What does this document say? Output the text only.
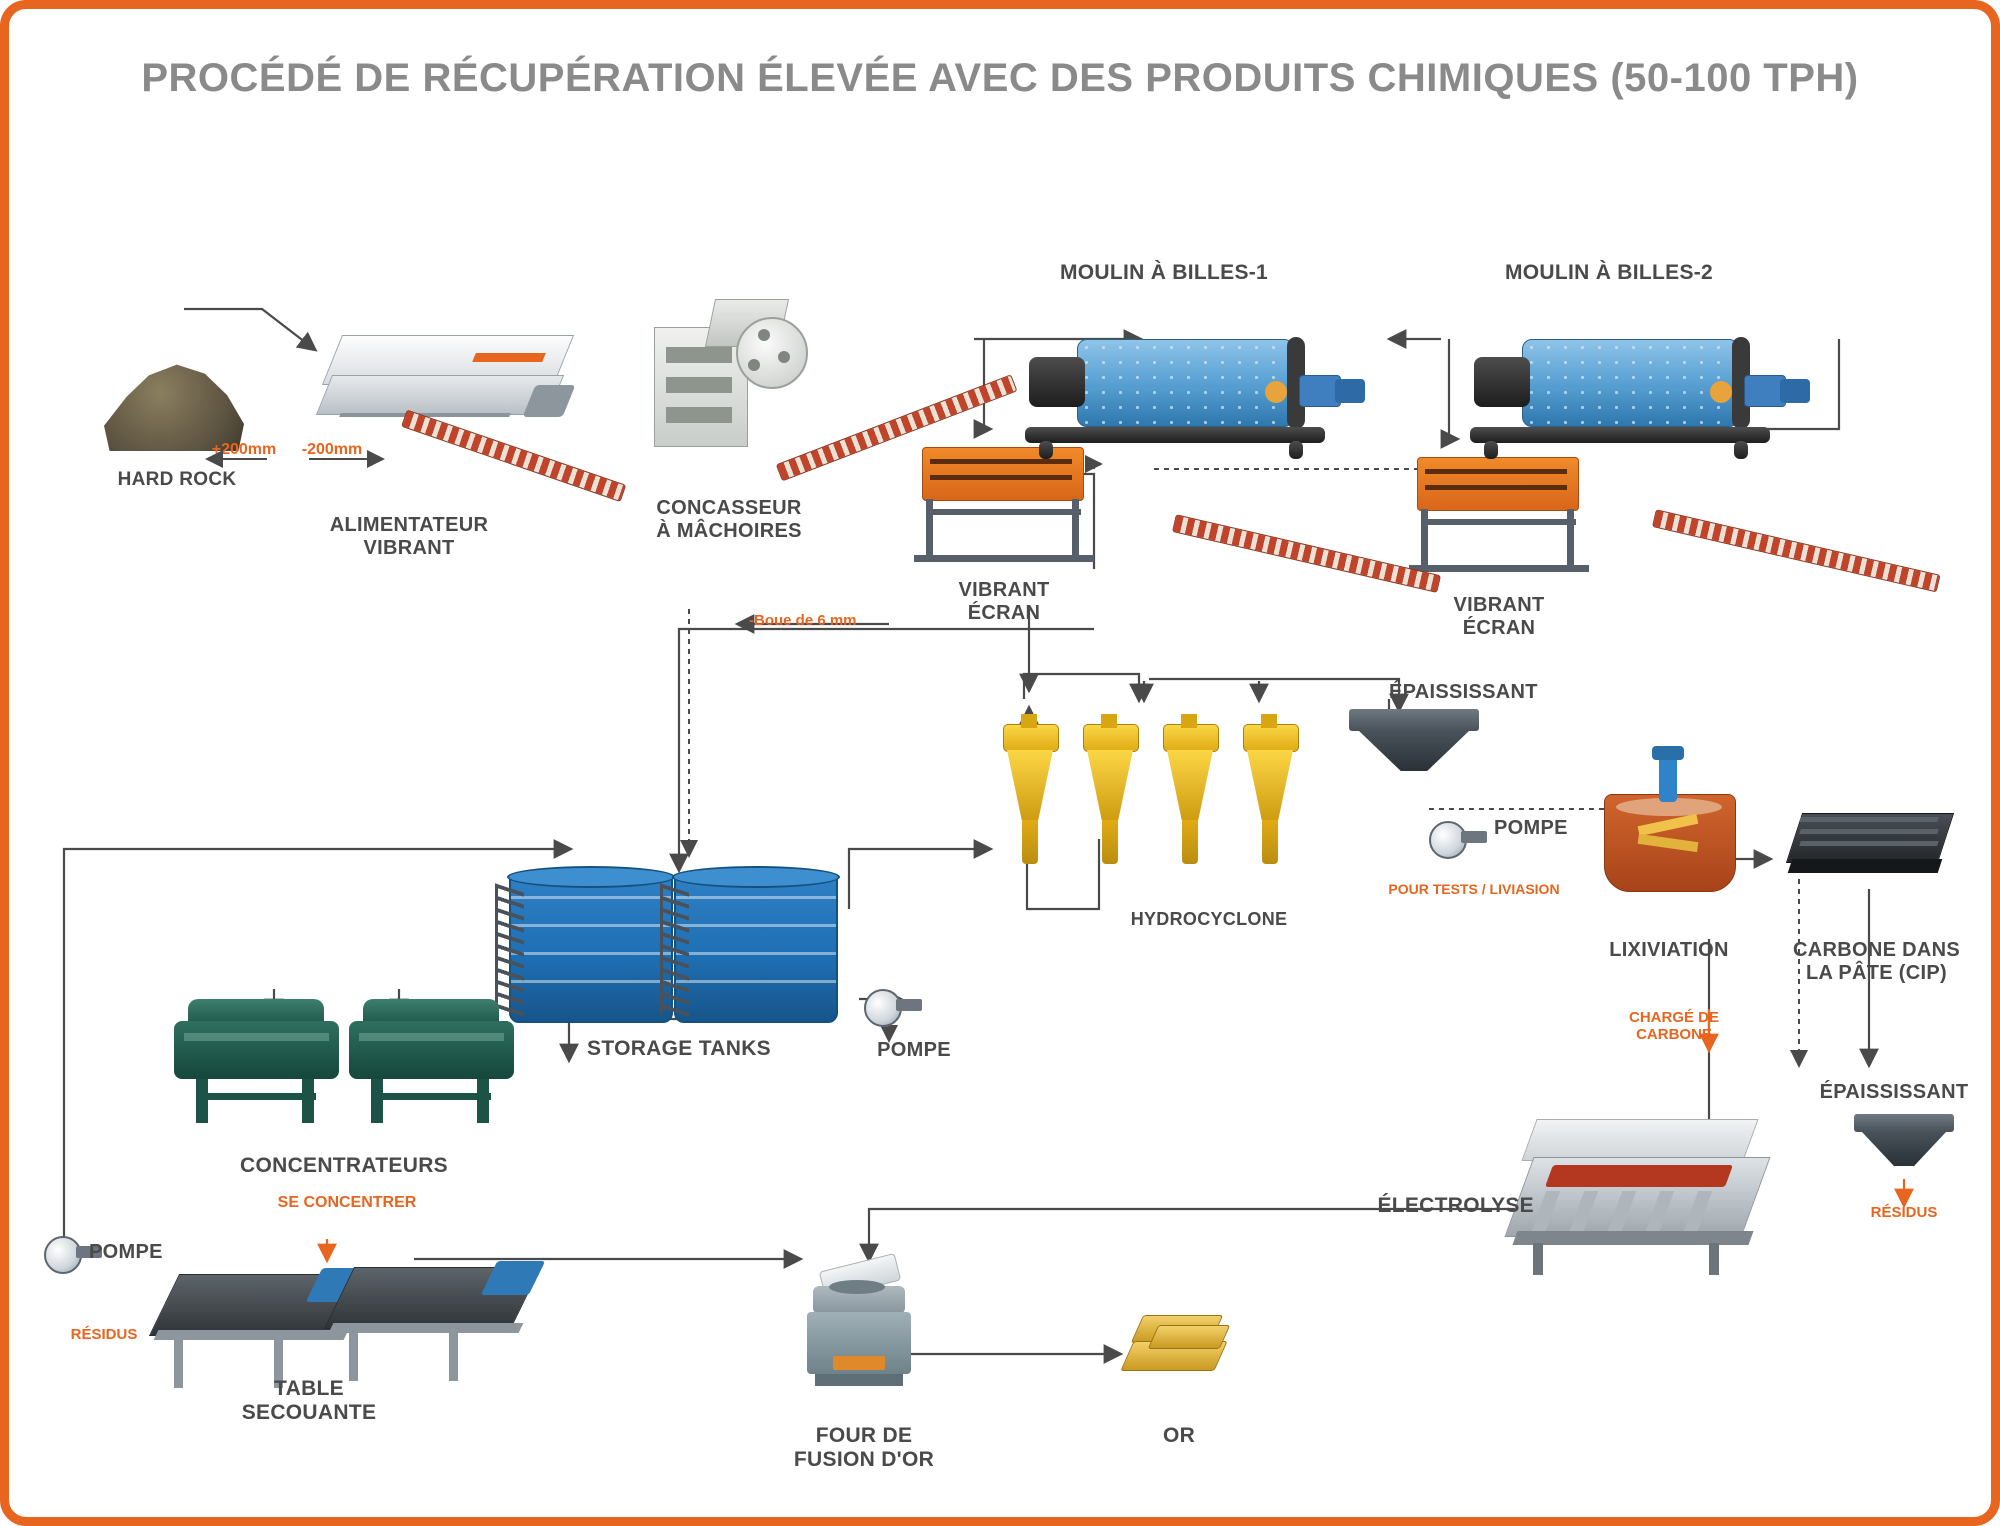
PROCÉDÉ DE RÉCUPÉRATION ÉLEVÉE AVEC DES PRODUITS CHIMIQUES (50-100 TPH)
HARD ROCK
ALIMENTATEUR
VIBRANT
+200mm	-200mm
CONCASSEUR
À MÂCHOIRES
VIBRANT
ÉCRAN
MOULIN À BILLES-1
VIBRANT
ÉCRAN
MOULIN À BILLES-2
-Boue de 6 mm
HYDROCYCLONE
ÉPAISSISSANT
POMPE
POUR TESTS / LIVIASION
LIXIVIATION	CARBONE DANS
LA PÂTE (CIP)
CHARGÉ DE
CARBONE
ÉPAISSISSANT
RÉSIDUS
STORAGE TANKS	POMPE
CONCENTRATEURS
SE CONCENTRER
POMPE
RÉSIDUS
TABLE
SECOUANTE
ÉLECTROLYSE
FOUR DE
FUSION D'OR
OR
